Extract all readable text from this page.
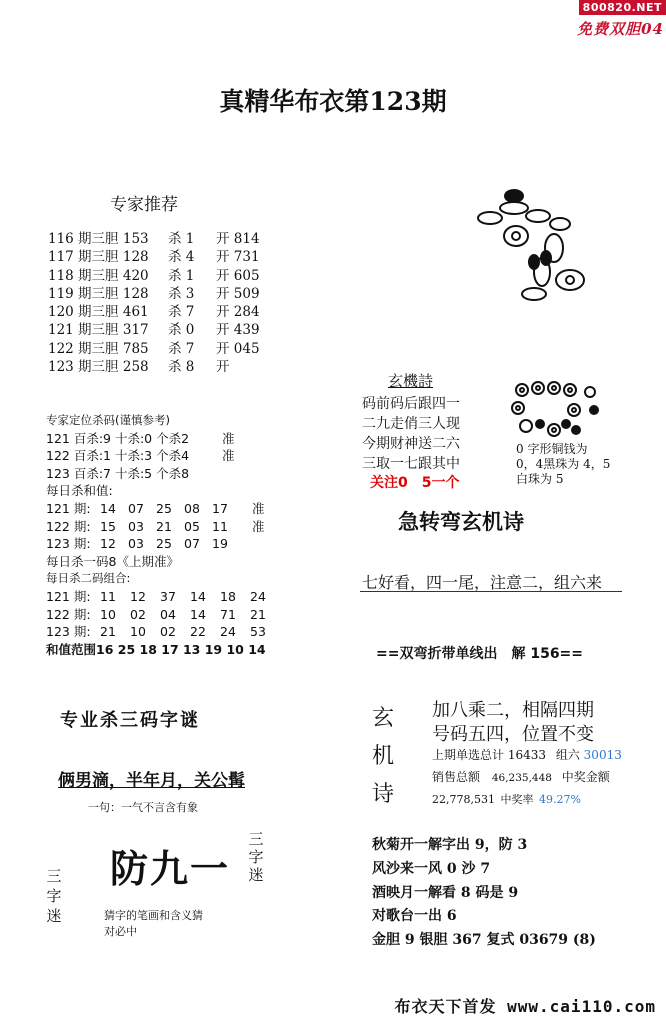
800820.NET
免费双胆04
真精华布衣第123期
专家推荐
116 期三胆 153	杀 1	开 814
117 期三胆 128	杀 4	开 731
118 期三胆 420	杀 1	开 605
119 期三胆 128	杀 3	开 509
120 期三胆 461	杀 7	开 284
121 期三胆 317	杀 0	开 439
122 期三胆 785	杀 7	开 045
123 期三胆 258	杀 8	开
专家定位杀码(谨慎参考)
121 百杀:9 十杀:0 个杀2	准
122 百杀:1 十杀:3 个杀4	准
123 百杀:7 十杀:5 个杀8
每日杀和值:
121 期: 14 07 25 08 17	准
122 期: 15 03 21 05 11	准
123 期: 12 03 25 07 19
每日杀一码8《上期准》
每日杀二码组合:
121 期: 11	12	37	14	18	24
122 期: 10	02	04	14	71	21
123 期: 21	10	02	22	24	53
和值范围16 25 18 17 13 19 10 14
玄機詩
码前码后跟四一
二九走俏三人现
今期财神送二六
三取一七跟其中
关注0　5一个
0 字形铜钱为
0，4黑珠为 4，5
白珠为 5
急转弯玄机诗
七好看，四一尾，注意二，组六来
==双弯折带单线出　解 156==
玄机诗
加八乘二，相隔四期
号码五四，位置不变
上期单选总计 16433 组六 30013
销售总额 46,235,448 中奖金额
22,778,531 中奖率 49.27%
秋菊开一解字出 9，防 3
风沙来一风 0 沙 7
酒映月一解看 8 码是 9
对歌台一出 6
金胆 9 银胆 367 复式 03679 (8)
专业杀三码字谜
俩男滴，半年月，关公髯
一句：一气不言含有象
防九一
三字迷
三字迷
猜字的笔画和含义猜
对必中
布衣天下首发 www.cai110.com
